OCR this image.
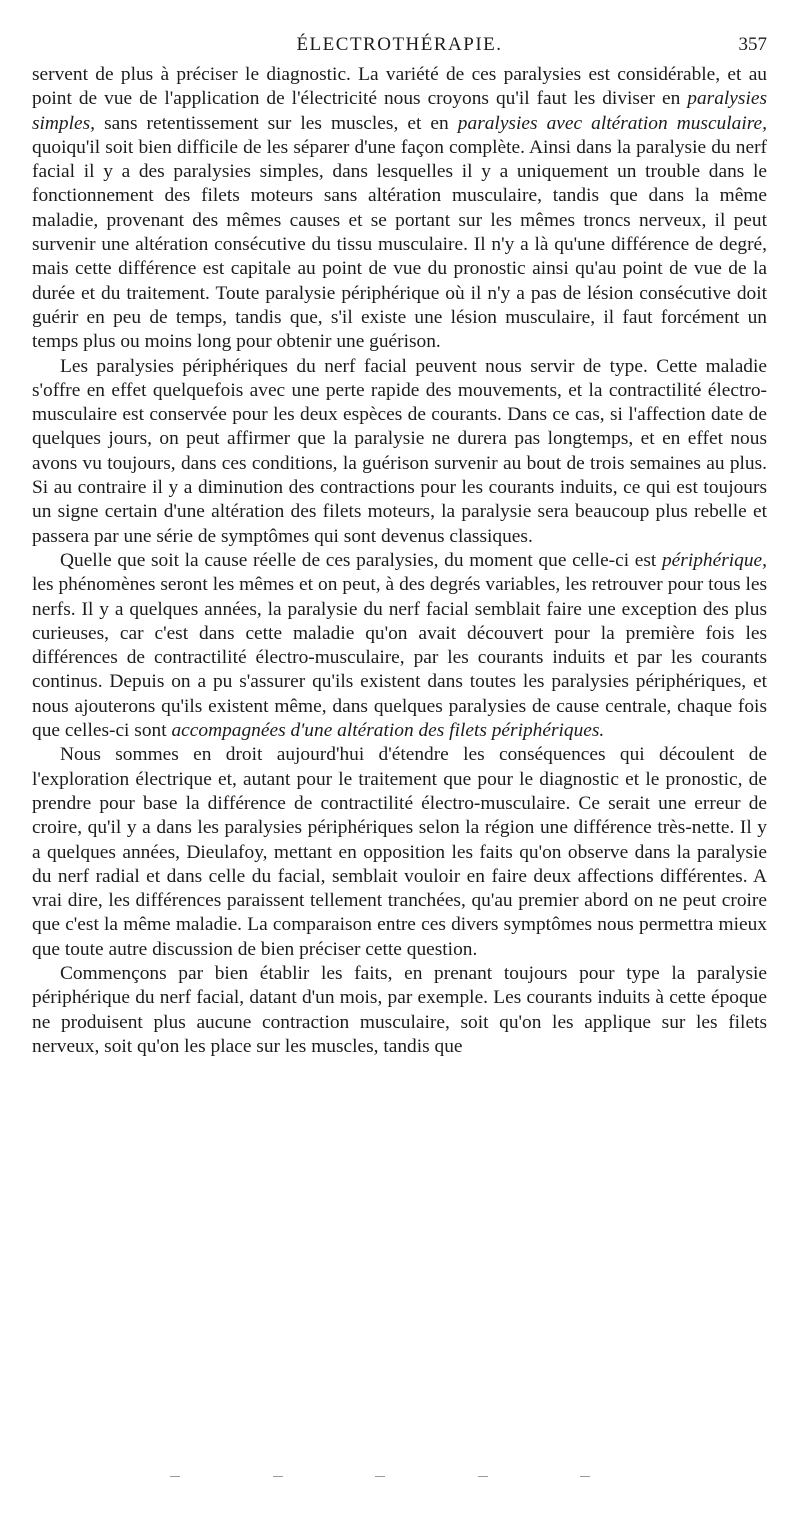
ÉLECTROTHÉRAPIE.	357

servent de plus à préciser le diagnostic. La variété de ces paralysies est considérable, et au point de vue de l'application de l'électricité nous croyons qu'il faut les diviser en paralysies simples, sans retentissement sur les muscles, et en paralysies avec altération musculaire, quoiqu'il soit bien difficile de les séparer d'une façon complète. Ainsi dans la paralysie du nerf facial il y a des paralysies simples, dans lesquelles il y a uniquement un trouble dans le fonctionnement des filets moteurs sans altération musculaire, tandis que dans la même maladie, provenant des mêmes causes et se portant sur les mêmes troncs nerveux, il peut survenir une altération consécutive du tissu musculaire. Il n'y a là qu'une différence de degré, mais cette différence est capitale au point de vue du pronostic ainsi qu'au point de vue de la durée et du traitement. Toute paralysie périphérique où il n'y a pas de lésion consécutive doit guérir en peu de temps, tandis que, s'il existe une lésion musculaire, il faut forcément un temps plus ou moins long pour obtenir une guérison.

Les paralysies périphériques du nerf facial peuvent nous servir de type. Cette maladie s'offre en effet quelquefois avec une perte rapide des mouvements, et la contractilité électro-musculaire est conservée pour les deux espèces de courants. Dans ce cas, si l'affection date de quelques jours, on peut affirmer que la paralysie ne durera pas longtemps, et en effet nous avons vu toujours, dans ces conditions, la guérison survenir au bout de trois semaines au plus. Si au contraire il y a diminution des contractions pour les courants induits, ce qui est toujours un signe certain d'une altération des filets moteurs, la paralysie sera beaucoup plus rebelle et passera par une série de symptômes qui sont devenus classiques.

Quelle que soit la cause réelle de ces paralysies, du moment que celle-ci est périphérique, les phénomènes seront les mêmes et on peut, à des degrés variables, les retrouver pour tous les nerfs. Il y a quelques années, la paralysie du nerf facial semblait faire une exception des plus curieuses, car c'est dans cette maladie qu'on avait découvert pour la première fois les différences de contractilité électro-musculaire, par les courants induits et par les courants continus. Depuis on a pu s'assurer qu'ils existent dans toutes les paralysies périphériques, et nous ajouterons qu'ils existent même, dans quelques paralysies de cause centrale, chaque fois que celles-ci sont accompagnées d'une altération des filets périphériques.

Nous sommes en droit aujourd'hui d'étendre les conséquences qui découlent de l'exploration électrique et, autant pour le traitement que pour le diagnostic et le pronostic, de prendre pour base la différence de contractilité électro-musculaire. Ce serait une erreur de croire, qu'il y a dans les paralysies périphériques selon la région une différence très-nette. Il y a quelques années, Dieulafoy, mettant en opposition les faits qu'on observe dans la paralysie du nerf radial et dans celle du facial, semblait vouloir en faire deux affections différentes. A vrai dire, les différences paraissent tellement tranchées, qu'au premier abord on ne peut croire que c'est la même maladie. La comparaison entre ces divers symptômes nous permettra mieux que toute autre discussion de bien préciser cette question.

Commençons par bien établir les faits, en prenant toujours pour type la paralysie périphérique du nerf facial, datant d'un mois, par exemple. Les courants induits à cette époque ne produisent plus aucune contraction musculaire, soit qu'on les applique sur les filets nerveux, soit qu'on les place sur les muscles, tandis que
